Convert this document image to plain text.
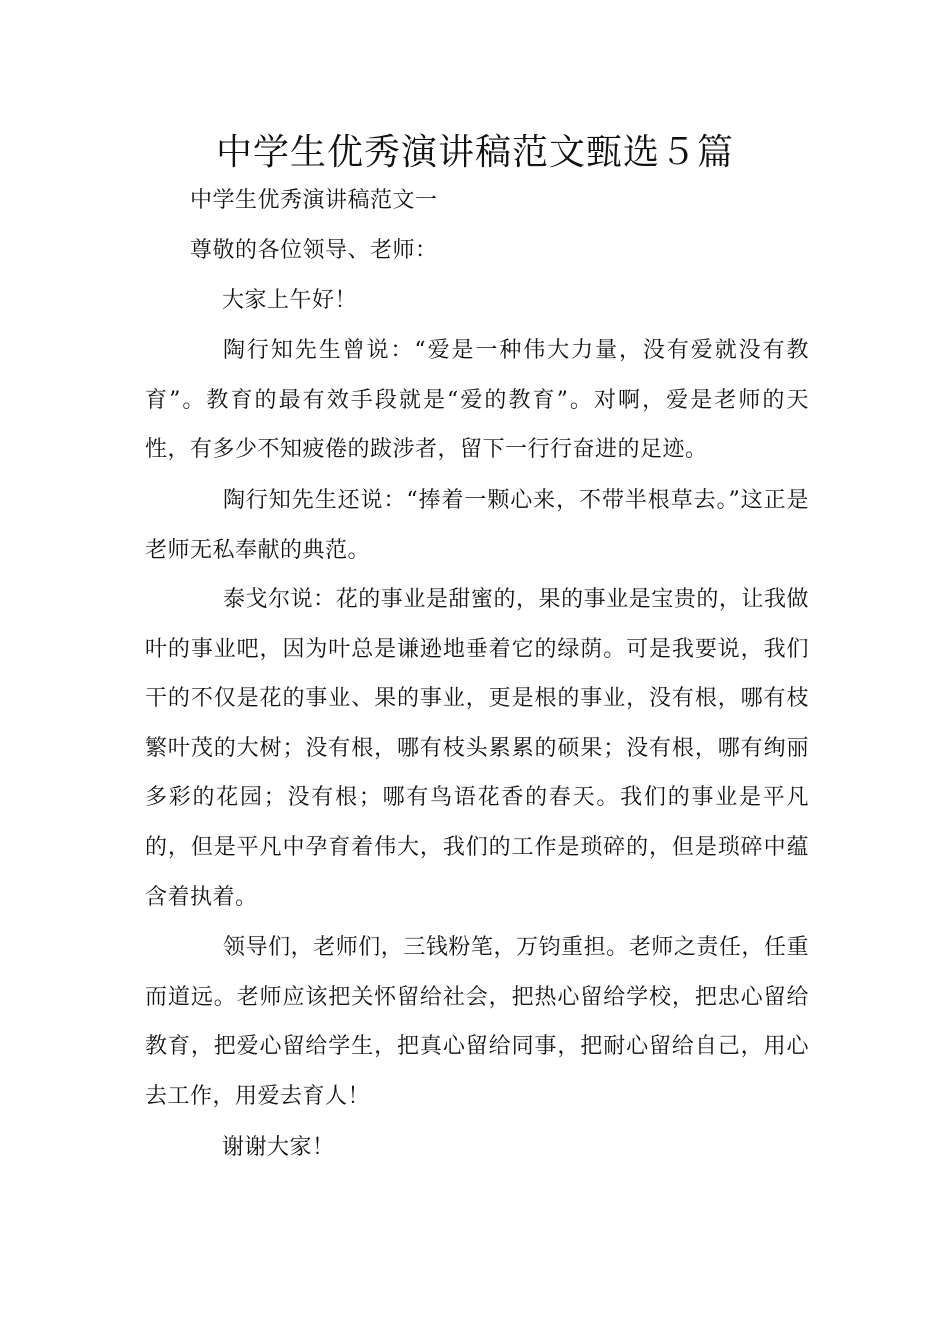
中学生优秀演讲稿范文甄选５篇

中学生优秀演讲稿范文一

尊敬的各位领导、老师：

大家上午好！

陶行知先生曾说：“爱是一种伟大力量，没有爱就没有教育”。教育的最有效手段就是“爱的教育”。对啊，爱是老师的天性，有多少不知疲倦的跋涉者，留下一行行奋进的足迹。

陶行知先生还说：“捧着一颗心来，不带半根草去。”这正是老师无私奉献的典范。

泰戈尔说：花的事业是甜蜜的，果的事业是宝贵的，让我做叶的事业吧，因为叶总是谦逊地垂着它的绿荫。可是我要说，我们干的不仅是花的事业、果的事业，更是根的事业，没有根，哪有枝繁叶茂的大树；没有根，哪有枝头累累的硕果；没有根，哪有绚丽多彩的花园；没有根；哪有鸟语花香的春天。我们的事业是平凡的，但是平凡中孕育着伟大，我们的工作是琐碎的，但是琐碎中蕴含着执着。

领导们，老师们，三钱粉笔，万钧重担。老师之责任，任重而道远。老师应该把关怀留给社会，把热心留给学校，把忠心留给教育，把爱心留给学生，把真心留给同事，把耐心留给自己，用心去工作，用爱去育人！

谢谢大家！
